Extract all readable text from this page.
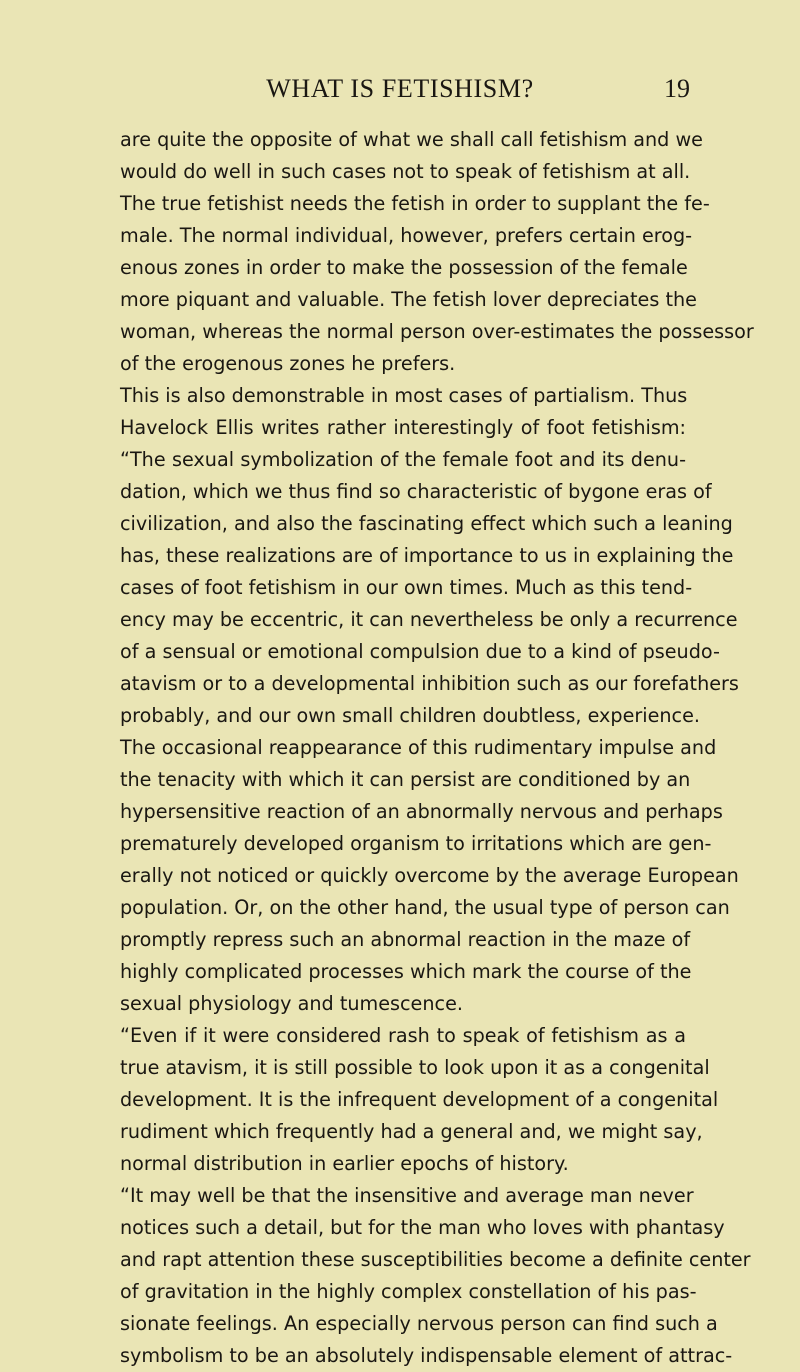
WHAT IS FETISHISM?	19
are quite the opposite of what we shall call fetishism and we
would do well in such cases not to speak of fetishism at all.
The true fetishist needs the fetish in order to supplant the fe-
male. The normal individual, however, prefers certain erog-
enous zones in order to make the possession of the female
more piquant and valuable. The fetish lover depreciates the
woman, whereas the normal person over-estimates the possessor
of the erogenous zones he prefers.
This is also demonstrable in most cases of partialism. Thus
Havelock Ellis writes rather interestingly of foot fetishism:
“The sexual symbolization of the female foot and its denu-
dation, which we thus find so characteristic of bygone eras of
civilization, and also the fascinating effect which such a leaning
has, these realizations are of importance to us in explaining the
cases of foot fetishism in our own times. Much as this tend-
ency may be eccentric, it can nevertheless be only a recurrence
of a sensual or emotional compulsion due to a kind of pseudo-
atavism or to a developmental inhibition such as our forefathers
probably, and our own small children doubtless, experience.
The occasional reappearance of this rudimentary impulse and
the tenacity with which it can persist are conditioned by an
hypersensitive reaction of an abnormally nervous and perhaps
prematurely developed organism to irritations which are gen-
erally not noticed or quickly overcome by the average European
population. Or, on the other hand, the usual type of person can
promptly repress such an abnormal reaction in the maze of
highly complicated processes which mark the course of the
sexual physiology and tumescence.
“Even if it were considered rash to speak of fetishism as a
true atavism, it is still possible to look upon it as a congenital
development. It is the infrequent development of a congenital
rudiment which frequently had a general and, we might say,
normal distribution in earlier epochs of history.
“It may well be that the insensitive and average man never
notices such a detail, but for the man who loves with phantasy
and rapt attention these susceptibilities become a definite center
of gravitation in the highly complex constellation of his pas-
sionate feelings. An especially nervous person can find such a
symbolism to be an absolutely indispensable element of attrac-
